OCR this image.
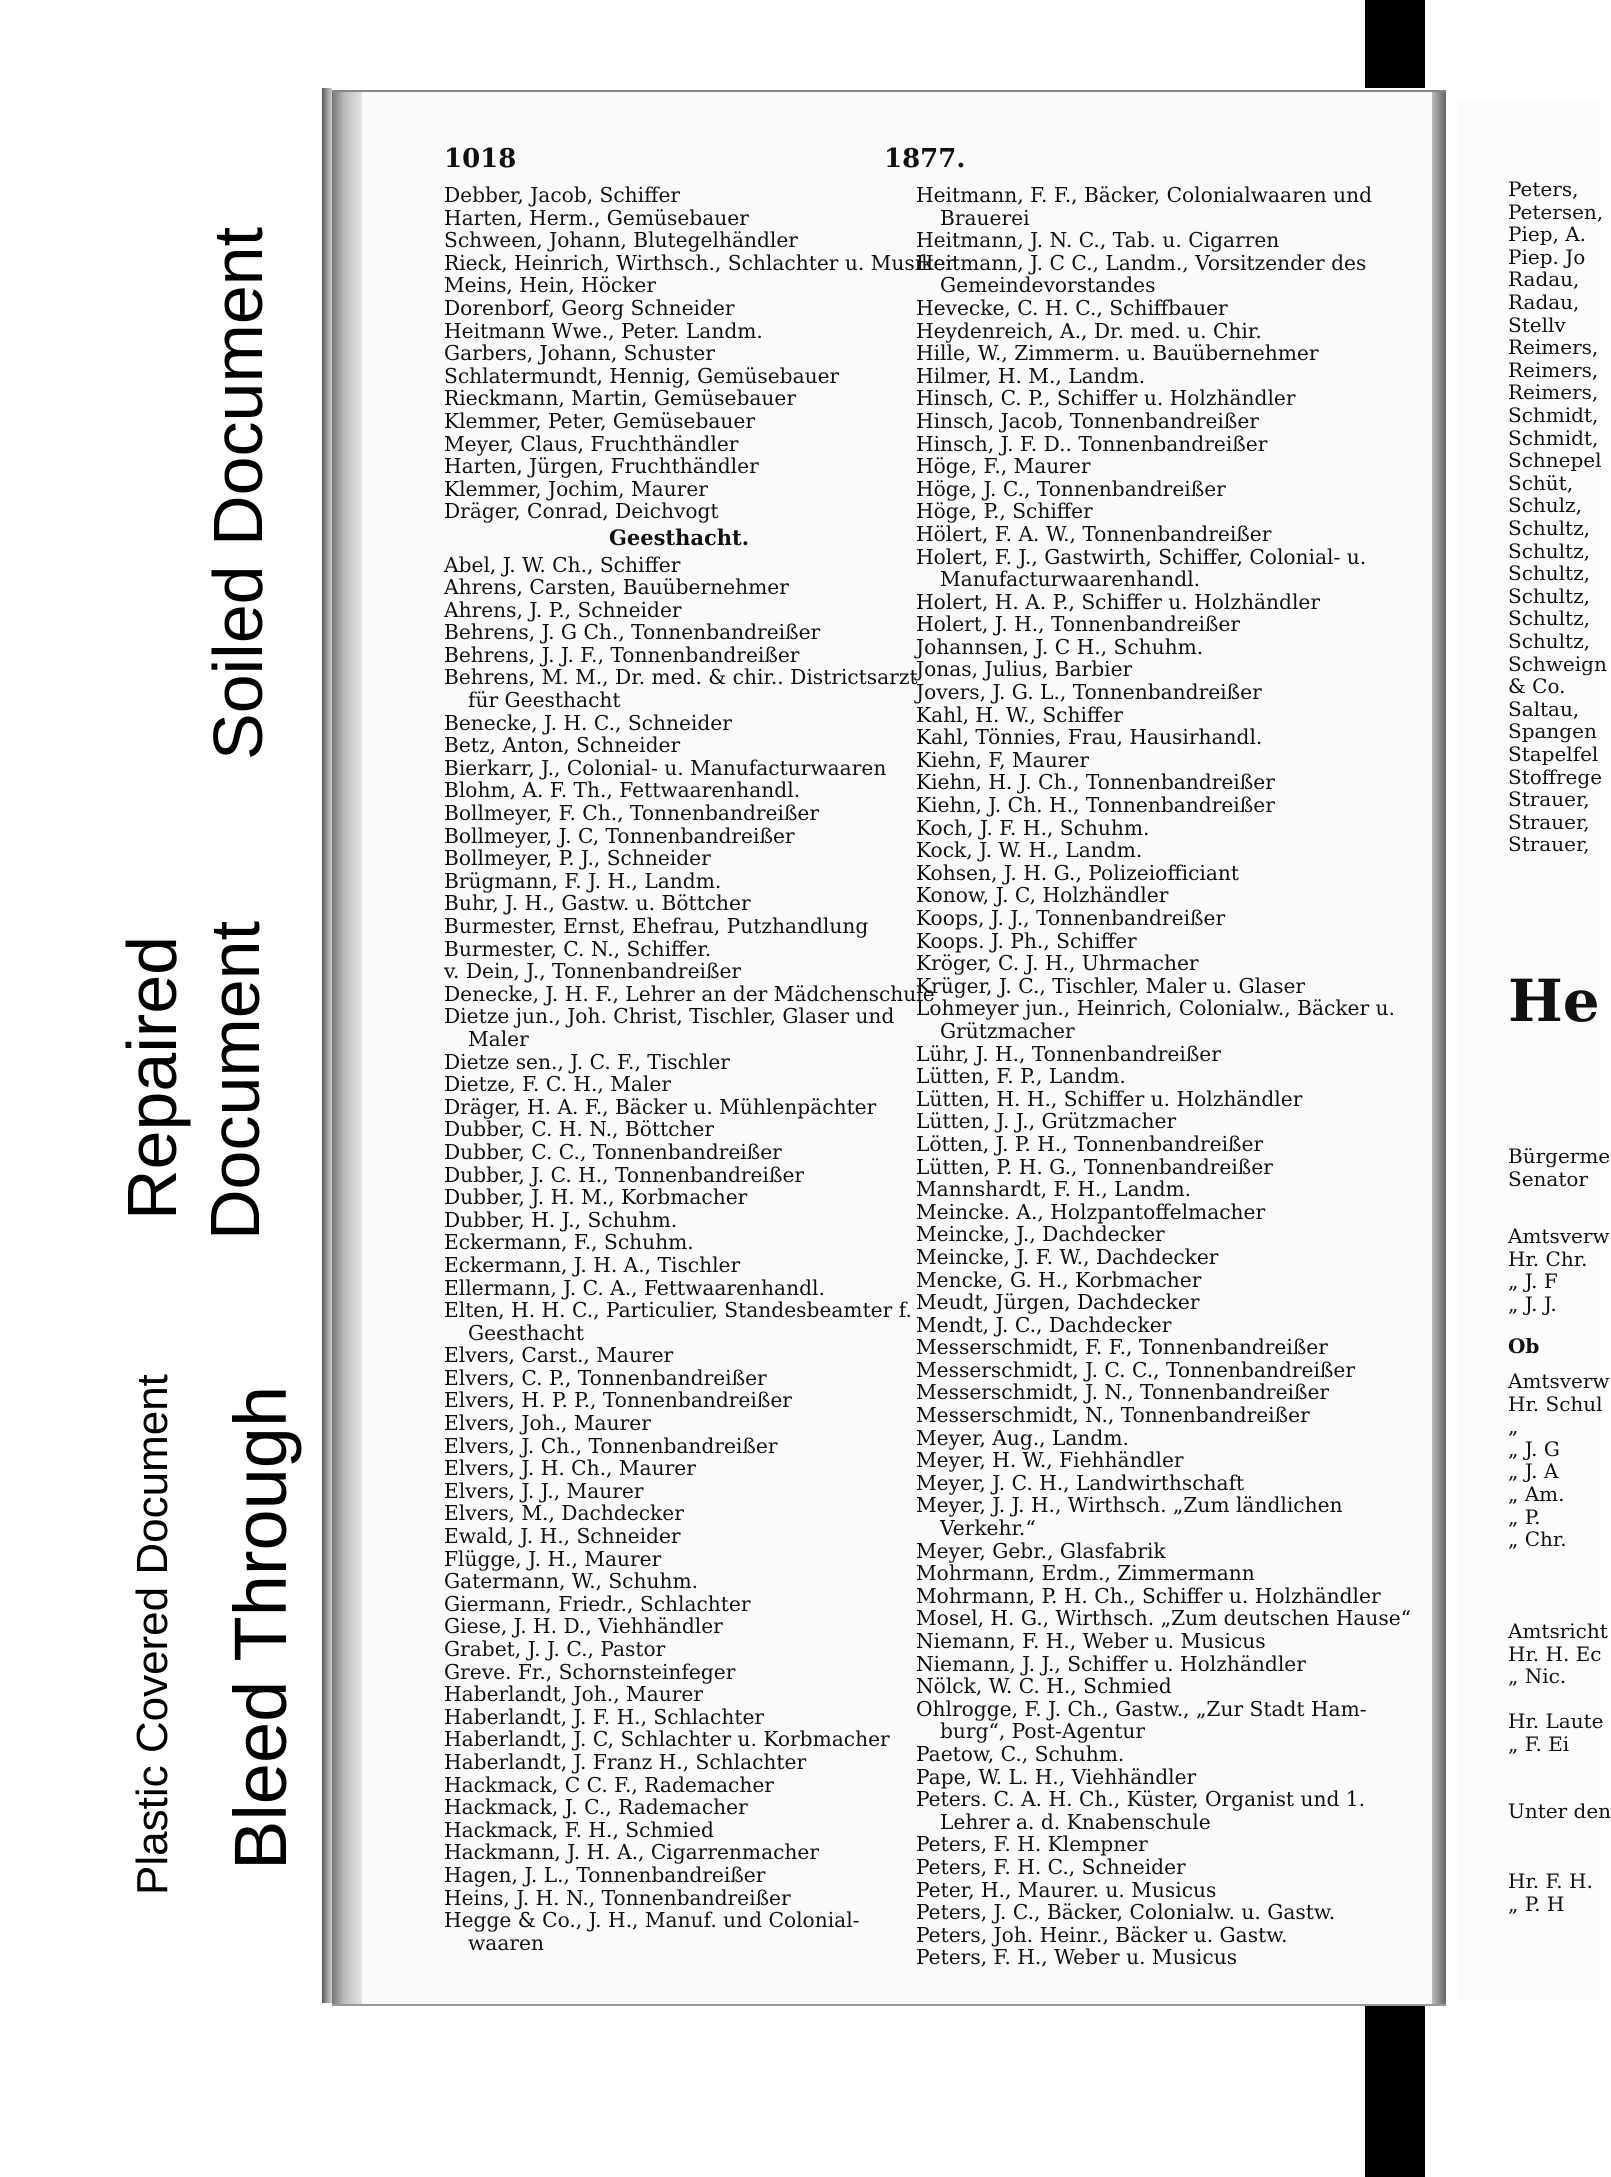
Plastic Covered Document Bleed Through
Repaired Document
Soiled Document
1018	1877.
Debber, Jacob, Schiffer
Harten, Herm., Gemüsebauer
Schween, Johann, Blutegelhändler
Rieck, Heinrich, Wirthsch., Schlachter u. Musiker
Meins, Hein, Höcker
Dorenborf, Georg Schneider
Heitmann Wwe., Peter. Landm.
Garbers, Johann, Schuster
Schlatermundt, Hennig, Gemüsebauer
Rieckmann, Martin, Gemüsebauer
Klemmer, Peter, Gemüsebauer
Meyer, Claus, Fruchthändler
Harten, Jürgen, Fruchthändler
Klemmer, Jochim, Maurer
Dräger, Conrad, Deichvogt
Geesthacht.
Abel, J. W. Ch., Schiffer
Ahrens, Carsten, Bauübernehmer
Ahrens, J. P., Schneider
Behrens, J. G Ch., Tonnenbandreißer
Behrens, J. J. F., Tonnenbandreißer
Behrens, M. M., Dr. med. & chir.. Districtsarzt
für Geesthacht
Benecke, J. H. C., Schneider
Betz, Anton, Schneider
Bierkarr, J., Colonial- u. Manufacturwaaren
Blohm, A. F. Th., Fettwaarenhandl.
Bollmeyer, F. Ch., Tonnenbandreißer
Bollmeyer, J. C, Tonnenbandreißer
Bollmeyer, P. J., Schneider
Brügmann, F. J. H., Landm.
Buhr, J. H., Gastw. u. Böttcher
Burmester, Ernst, Ehefrau, Putzhandlung
Burmester, C. N., Schiffer.
v. Dein, J., Tonnenbandreißer
Denecke, J. H. F., Lehrer an der Mädchenschule
Dietze jun., Joh. Christ, Tischler, Glaser und
Maler
Dietze sen., J. C. F., Tischler
Dietze, F. C. H., Maler
Dräger, H. A. F., Bäcker u. Mühlenpächter
Dubber, C. H. N., Böttcher
Dubber, C. C., Tonnenbandreißer
Dubber, J. C. H., Tonnenbandreißer
Dubber, J. H. M., Korbmacher
Dubber, H. J., Schuhm.
Eckermann, F., Schuhm.
Eckermann, J. H. A., Tischler
Ellermann, J. C. A., Fettwaarenhandl.
Elten, H. H. C., Particulier, Standesbeamter f.
Geesthacht
Elvers, Carst., Maurer
Elvers, C. P., Tonnenbandreißer
Elvers, H. P. P., Tonnenbandreißer
Elvers, Joh., Maurer
Elvers, J. Ch., Tonnenbandreißer
Elvers, J. H. Ch., Maurer
Elvers, J. J., Maurer
Elvers, M., Dachdecker
Ewald, J. H., Schneider
Flügge, J. H., Maurer
Gatermann, W., Schuhm.
Giermann, Friedr., Schlachter
Giese, J. H. D., Viehhändler
Grabet, J. J. C., Pastor
Greve. Fr., Schornsteinfeger
Haberlandt, Joh., Maurer
Haberlandt, J. F. H., Schlachter
Haberlandt, J. C, Schlachter u. Korbmacher
Haberlandt, J. Franz H., Schlachter
Hackmack, C C. F., Rademacher
Hackmack, J. C., Rademacher
Hackmack, F. H., Schmied
Hackmann, J. H. A., Cigarrenmacher
Hagen, J. L., Tonnenbandreißer
Heins, J. H. N., Tonnenbandreißer
Hegge & Co., J. H., Manuf. und Colonial-
waaren
Heitmann, F. F., Bäcker, Colonialwaaren und
Brauerei
Heitmann, J. N. C., Tab. u. Cigarren
Heitmann, J. C C., Landm., Vorsitzender des
Gemeindevorstandes
Hevecke, C. H. C., Schiffbauer
Heydenreich, A., Dr. med. u. Chir.
Hille, W., Zimmerm. u. Bauübernehmer
Hilmer, H. M., Landm.
Hinsch, C. P., Schiffer u. Holzhändler
Hinsch, Jacob, Tonnenbandreißer
Hinsch, J. F. D.. Tonnenbandreißer
Höge, F., Maurer
Höge, J. C., Tonnenbandreißer
Höge, P., Schiffer
Hölert, F. A. W., Tonnenbandreißer
Holert, F. J., Gastwirth, Schiffer, Colonial- u.
Manufacturwaarenhandl.
Holert, H. A. P., Schiffer u. Holzhändler
Holert, J. H., Tonnenbandreißer
Johannsen, J. C H., Schuhm.
Jonas, Julius, Barbier
Jovers, J. G. L., Tonnenbandreißer
Kahl, H. W., Schiffer
Kahl, Tönnies, Frau, Hausirhandl.
Kiehn, F, Maurer
Kiehn, H. J. Ch., Tonnenbandreißer
Kiehn, J. Ch. H., Tonnenbandreißer
Koch, J. F. H., Schuhm.
Kock, J. W. H., Landm.
Kohsen, J. H. G., Polizeiofficiant
Konow, J. C, Holzhändler
Koops, J. J., Tonnenbandreißer
Koops. J. Ph., Schiffer
Kröger, C. J. H., Uhrmacher
Krüger, J. C., Tischler, Maler u. Glaser
Lohmeyer jun., Heinrich, Colonialw., Bäcker u.
Grützmacher
Lühr, J. H., Tonnenbandreißer
Lütten, F. P., Landm.
Lütten, H. H., Schiffer u. Holzhändler
Lütten, J. J., Grützmacher
Lötten, J. P. H., Tonnenbandreißer
Lütten, P. H. G., Tonnenbandreißer
Mannshardt, F. H., Landm.
Meincke. A., Holzpantoffelmacher
Meincke, J., Dachdecker
Meincke, J. F. W., Dachdecker
Mencke, G. H., Korbmacher
Meudt, Jürgen, Dachdecker
Mendt, J. C., Dachdecker
Messerschmidt, F. F., Tonnenbandreißer
Messerschmidt, J. C. C., Tonnenbandreißer
Messerschmidt, J. N., Tonnenbandreißer
Messerschmidt, N., Tonnenbandreißer
Meyer, Aug., Landm.
Meyer, H. W., Fiehhändler
Meyer, J. C. H., Landwirthschaft
Meyer, J. J. H., Wirthsch. „Zum ländlichen
Verkehr.“
Meyer, Gebr., Glasfabrik
Mohrmann, Erdm., Zimmermann
Mohrmann, P. H. Ch., Schiffer u. Holzhändler
Mosel, H. G., Wirthsch. „Zum deutschen Hause“
Niemann, F. H., Weber u. Musicus
Niemann, J. J., Schiffer u. Holzhändler
Nölck, W. C. H., Schmied
Ohlrogge, F. J. Ch., Gastw., „Zur Stadt Ham-
burg“, Post-Agentur
Paetow, C., Schuhm.
Pape, W. L. H., Viehhändler
Peters. C. A. H. Ch., Küster, Organist und 1.
Lehrer a. d. Knabenschule
Peters, F. H. Klempner
Peters, F. H. C., Schneider
Peter, H., Maurer. u. Musicus
Peters, J. C., Bäcker, Colonialw. u. Gastw.
Peters, Joh. Heinr., Bäcker u. Gastw.
Peters, F. H., Weber u. Musicus
Peters,
Petersen,
Piep, A.
Piep. Jo
Radau,
Radau,
Stellv
Reimers,
Reimers,
Reimers,
Schmidt,
Schmidt,
Schnepel
Schüt,
Schulz,
Schultz,
Schultz,
Schultz,
Schultz,
Schultz,
Schultz,
Schweign
& Co.
Saltau,
Spangen
Stapelfel
Stoffrege
Strauer,
Strauer,
Strauer,
He
Bürgerme
Senator
Amtsverw
Hr. Chr.
„ J. F
„ J. J.
Ob
Amtsverw
Hr. Schul
„
„ J. G
„ J. A
„ Am.
„ P.
„ Chr.
Amtsricht
Hr. H. Ec
„ Nic.
Hr. Laute
„ F. Ei
Unter den
Hr. F. H.
„ P. H
